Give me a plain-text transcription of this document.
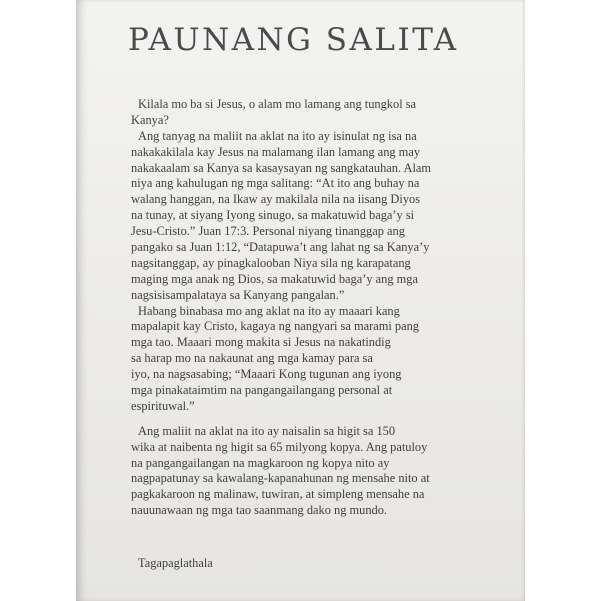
PAUNANG SALITA
Kilala mo ba si Jesus, o alam mo lamang ang tungkol sa
Kanya?
Ang tanyag na maliit na aklat na ito ay isinulat ng isa na
nakakakilala kay Jesus na malamang ilan lamang ang may
nakakaalam sa Kanya sa kasaysayan ng sangkatauhan. Alam
niya ang kahulugan ng mga salitang: “At ito ang buhay na
walang hanggan, na Ikaw ay makilala nila na iisang Diyos
na tunay, at siyang Iyong sinugo, sa makatuwid baga’y si
Jesu-Cristo.” Juan 17:3. Personal niyang tinanggap ang
pangako sa Juan 1:12, “Datapuwa’t ang lahat ng sa Kanya’y
nagsitanggap, ay pinagkalooban Niya sila ng karapatang
maging mga anak ng Dios, sa makatuwid baga’y ang mga
nagsisisampalataya sa Kanyang pangalan.”
Habang binabasa mo ang aklat na ito ay maaari kang
mapalapit kay Cristo, kagaya ng nangyari sa marami pang
mga tao. Maaari mong makita si Jesus na nakatindig
sa harap mo na nakaunat ang mga kamay para sa
iyo, na nagsasabing; “Maaari Kong tugunan ang iyong
mga pinakataimtim na pangangailangang personal at
espirituwal.”
Ang maliit na aklat na ito ay naisalin sa higit sa 150
wika at naibenta ng higit sa 65 milyong kopya. Ang patuloy
na pangangailangan na magkaroon ng kopya nito ay
nagpapatunay sa kawalang-kapanahunan ng mensahe nito at
pagkakaroon ng malinaw, tuwiran, at simpleng mensahe na
nauunawaan ng mga tao saanmang dako ng mundo.
Tagapaglathala
